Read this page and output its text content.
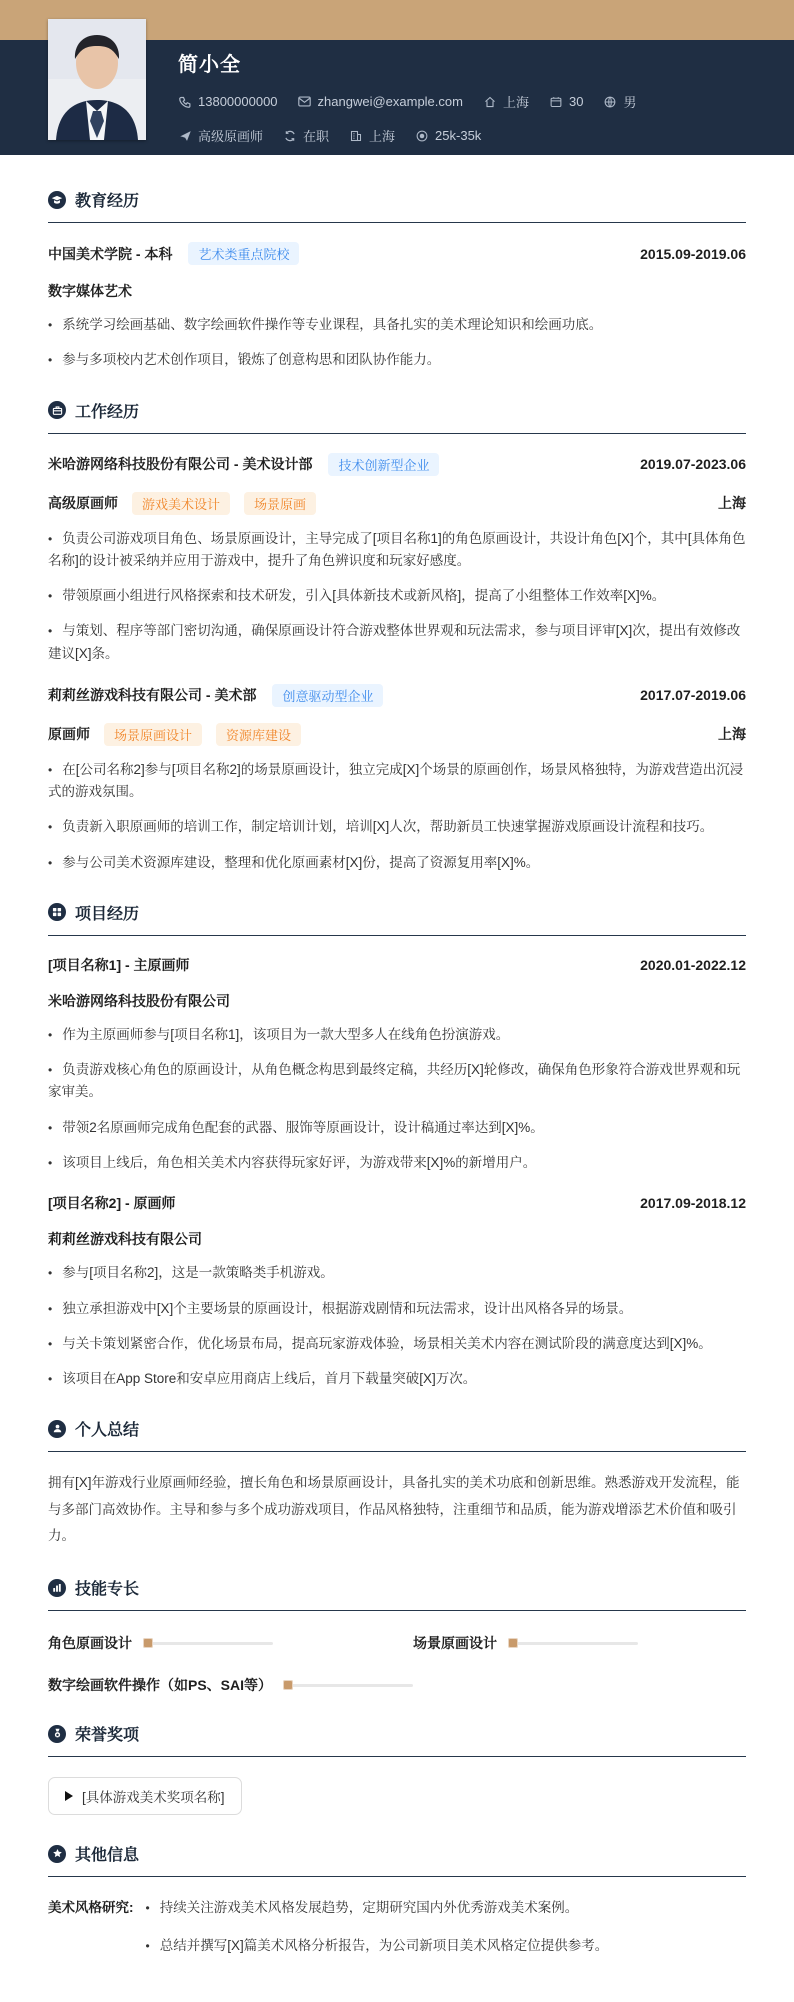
简小全
13800000000	zhangwei@example.com	上海	30	男
高级原画师	在职	上海	25k-35k
教育经历
中国美术学院 - 本科	艺术类重点院校	2015.09-2019.06
数字媒体艺术

• 系统学习绘画基础、数字绘画软件操作等专业课程，具备扎实的美术理论知识和绘画功底。

• 参与多项校内艺术创作项目，锻炼了创意构思和团队协作能力。

工作经历
米哈游网络科技股份有限公司 - 美术设计部	技术创新型企业	2019.07-2023.06
高级原画师	游戏美术设计	场景原画	上海

• 负责公司游戏项目角色、场景原画设计，主导完成了[项目名称1]的角色原画设计，共设计角色[X]个，其中[具体角色名称]的设计被采纳并应用于游戏中，提升了角色辨识度和玩家好感度。

• 带领原画小组进行风格探索和技术研发，引入[具体新技术或新风格]，提高了小组整体工作效率[X]%。

• 与策划、程序等部门密切沟通，确保原画设计符合游戏整体世界观和玩法需求，参与项目评审[X]次，提出有效修改建议[X]条。

莉莉丝游戏科技有限公司 - 美术部	创意驱动型企业	2017.07-2019.06
原画师	场景原画设计	资源库建设	上海

• 在[公司名称2]参与[项目名称2]的场景原画设计，独立完成[X]个场景的原画创作，场景风格独特，为游戏营造出沉浸式的游戏氛围。

• 负责新入职原画师的培训工作，制定培训计划，培训[X]人次，帮助新员工快速掌握游戏原画设计流程和技巧。

• 参与公司美术资源库建设，整理和优化原画素材[X]份，提高了资源复用率[X]%。

项目经历
[项目名称1] - 主原画师	2020.01-2022.12
米哈游网络科技股份有限公司

• 作为主原画师参与[项目名称1]，该项目为一款大型多人在线角色扮演游戏。

• 负责游戏核心角色的原画设计，从角色概念构思到最终定稿，共经历[X]轮修改，确保角色形象符合游戏世界观和玩家审美。

• 带领2名原画师完成角色配套的武器、服饰等原画设计，设计稿通过率达到[X]%。

• 该项目上线后，角色相关美术内容获得玩家好评，为游戏带来[X]%的新增用户。

[项目名称2] - 原画师	2017.09-2018.12
莉莉丝游戏科技有限公司

• 参与[项目名称2]，这是一款策略类手机游戏。

• 独立承担游戏中[X]个主要场景的原画设计，根据游戏剧情和玩法需求，设计出风格各异的场景。

• 与关卡策划紧密合作，优化场景布局，提高玩家游戏体验，场景相关美术内容在测试阶段的满意度达到[X]%。

• 该项目在App Store和安卓应用商店上线后，首月下载量突破[X]万次。

个人总结

拥有[X]年游戏行业原画师经验，擅长角色和场景原画设计，具备扎实的美术功底和创新思维。熟悉游戏开发流程，能与多部门高效协作。主导和参与多个成功游戏项目，作品风格独特，注重细节和品质，能为游戏增添艺术价值和吸引力。

技能专长
角色原画设计	场景原画设计
数字绘画软件操作（如PS、SAI等）
荣誉奖项
[具体游戏美术奖项名称]
其他信息
美术风格研究:	• 持续关注游戏美术风格发展趋势，定期研究国内外优秀游戏美术案例。

• 总结并撰写[X]篇美术风格分析报告，为公司新项目美术风格定位提供参考。
